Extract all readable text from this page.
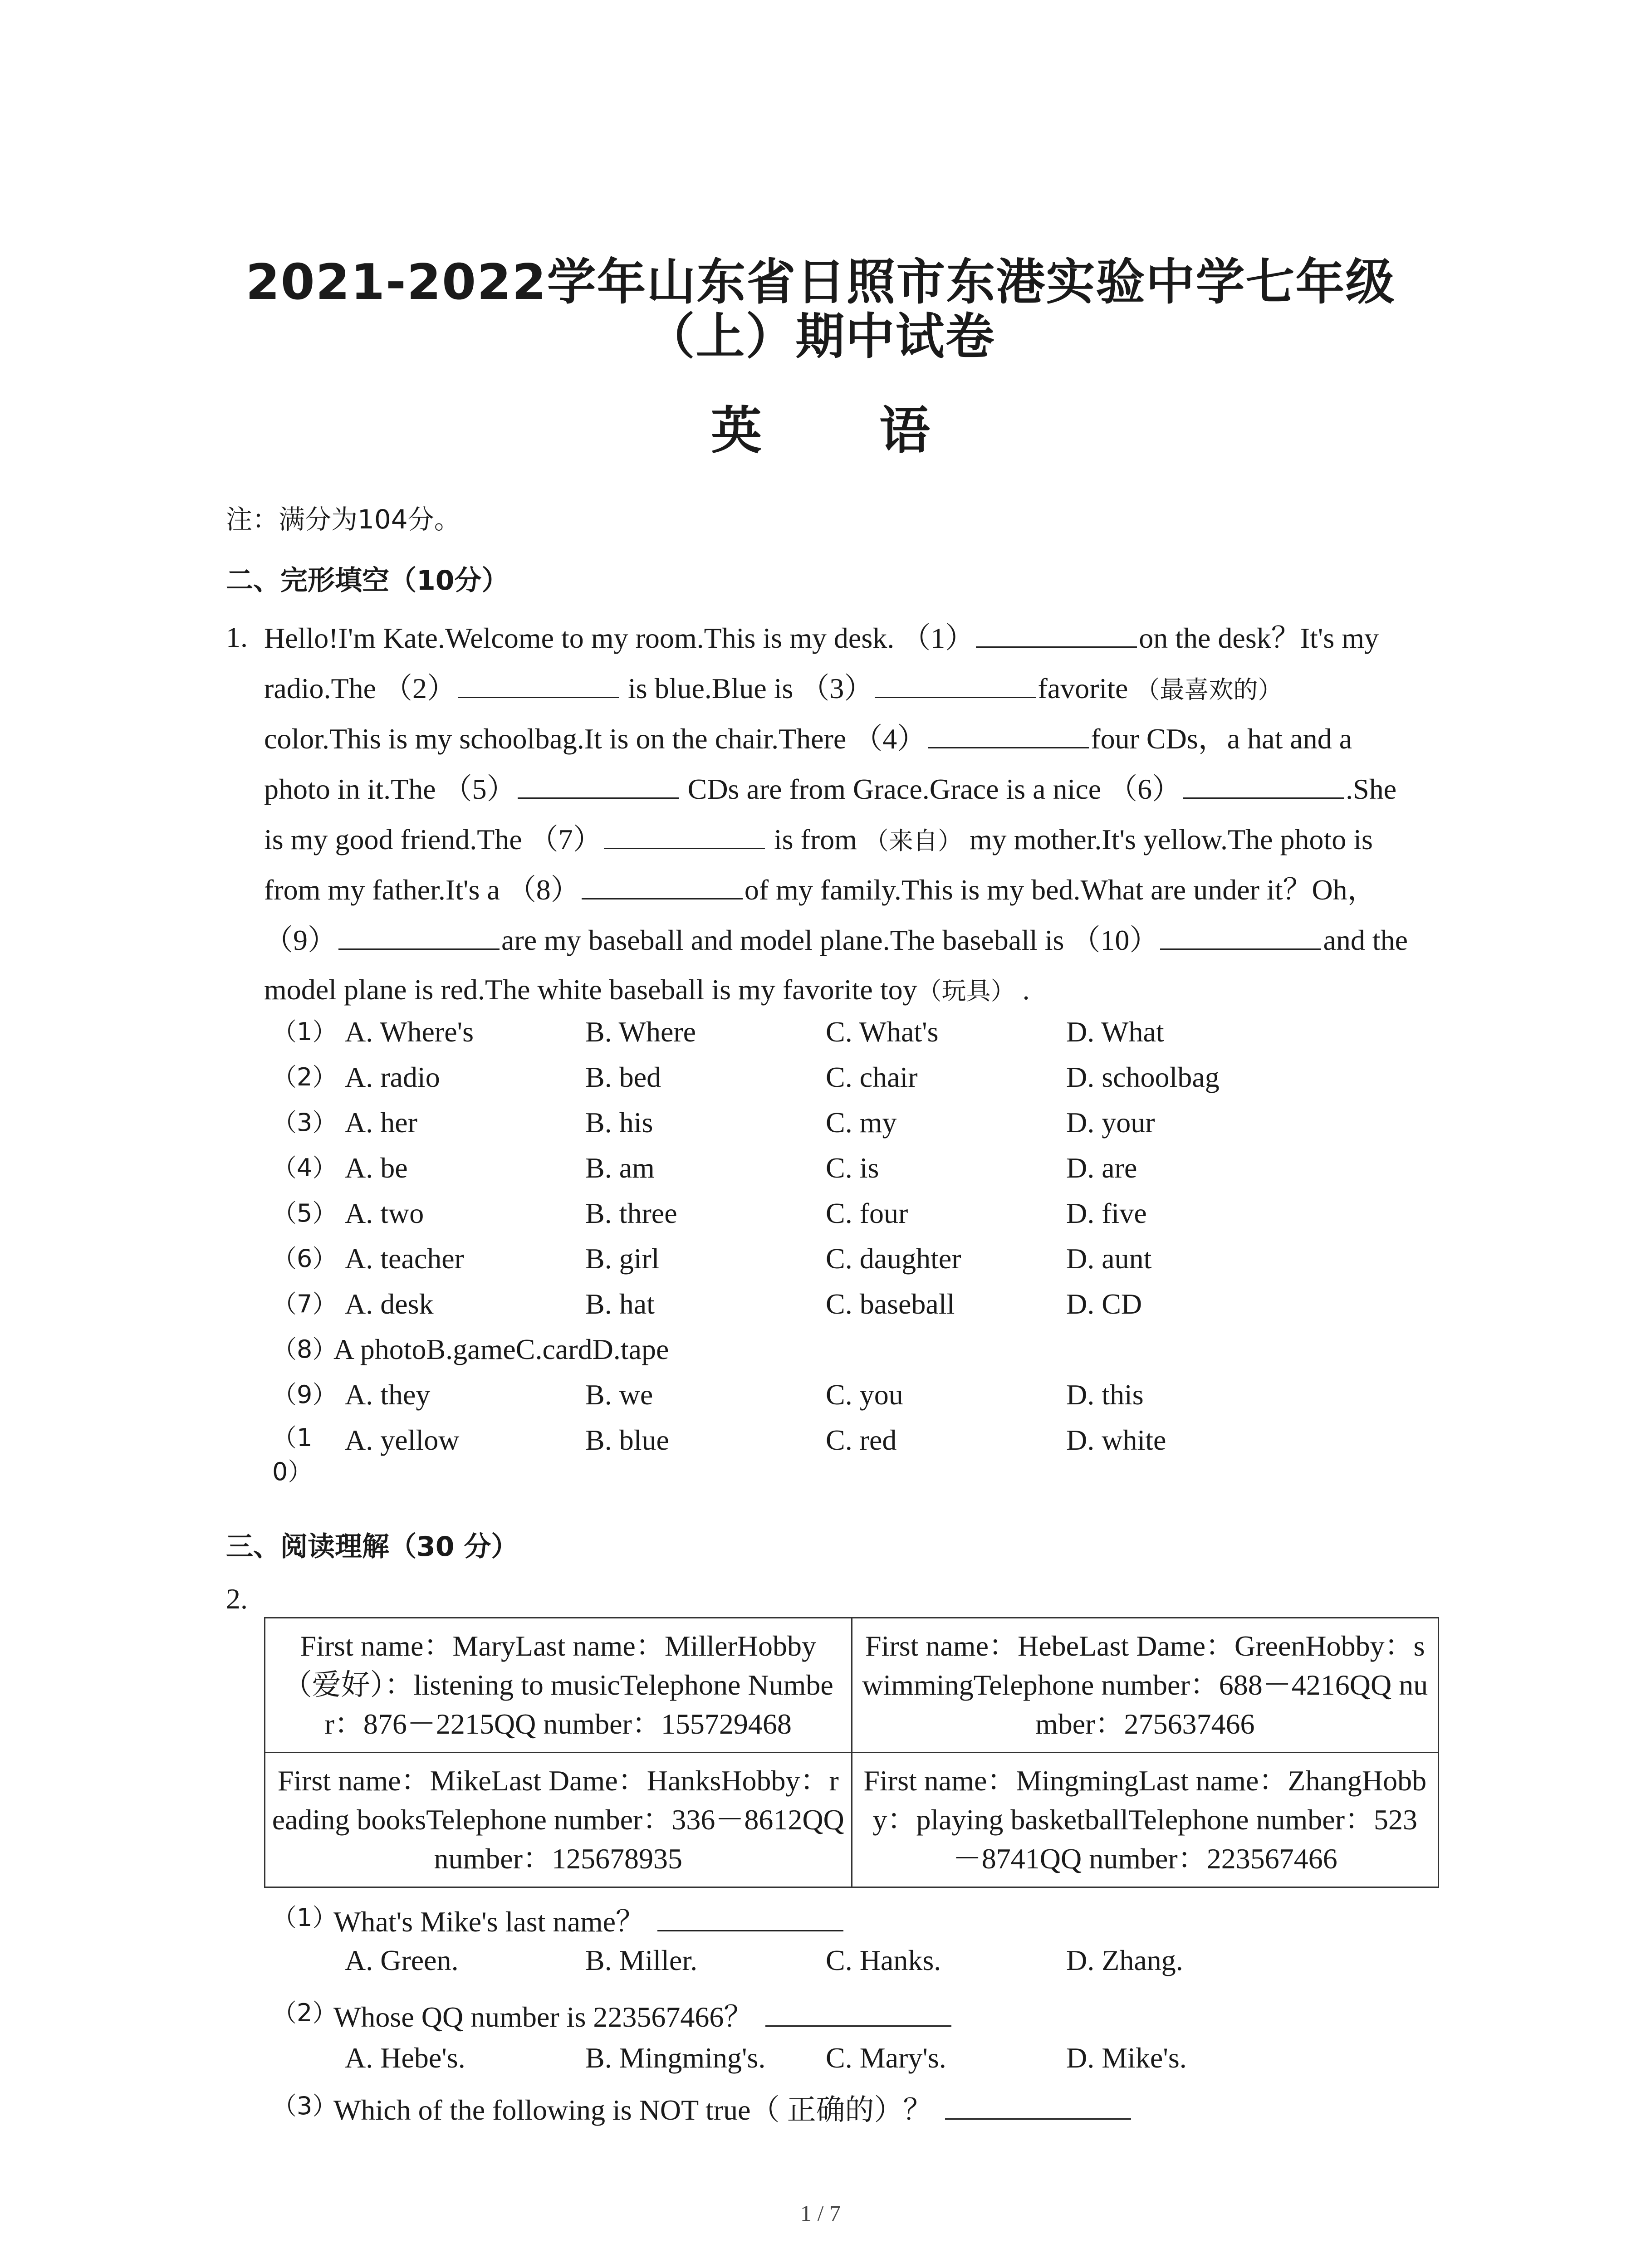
2021-2022学年山东省日照市东港实验中学七年级
（上）期中试卷
英 语
注：满分为104分。
二、完形填空（10分）
1. Hello!I'm Kate.Welcome to my room.This is my desk. （1）	on the desk？It's my
radio.The （2）	is blue.Blue is （3）	favorite （最喜欢的）
color.This is my schoolbag.It is on the chair.There （4）	four CDs，a hat and a
photo in it.The （5）	CDs are from Grace.Grace is a nice （6）	.She
is my good friend.The （7）	is from （来自） my mother.It's yellow.The photo is
from my father.It's a （8）	of my family.This is my bed.What are under it？Oh，
（9）	are my baseball and model plane.The baseball is （10）	and the
model plane is red.The white baseball is my favorite toy（玩具） .
（1） A. Where's	B. Where	C. What's	D. What
（2） A. radio	B. bed	C. chair	D. schoolbag
（3） A. her	B. his	C. my	D. your
（4） A. be	B. am	C. is	D. are
（5） A. two	B. three	C. four	D. five
（6） A. teacher	B. girl	C. daughter	D. aunt
（7） A. desk	B. hat	C. baseball	D. CD
（8）
A photoB.gameC.cardD.tape
（9） A. they	B. we	C. you	D. this
（1
0）
A. yellow	B. blue	C. red	D. white
三、阅读理解（30 分）
2.
First name：MaryLast name：MillerHobby（爱好）：listening to musicTelephone Number：876－2215QQ number：155729468	First name：HebeLast Dame：GreenHobby：swimmingTelephone number：688－4216QQ number：275637466
First name：MikeLast Dame：HanksHobby：reading booksTelephone number：336－8612QQ number：125678935	First name：MingmingLast name：ZhangHobby：playing basketballTelephone number：523－8741QQ number：223567466
（1）
What's Mike's last name？
A. Green.	B. Miller.	C. Hanks.	D. Zhang.
（2）
Whose QQ number is 223567466？
A. Hebe's.	B. Mingming's. C. Mary's.	D. Mike's.
（3）
Which of the following is NOT true（ 正确的）？
1 / 7
